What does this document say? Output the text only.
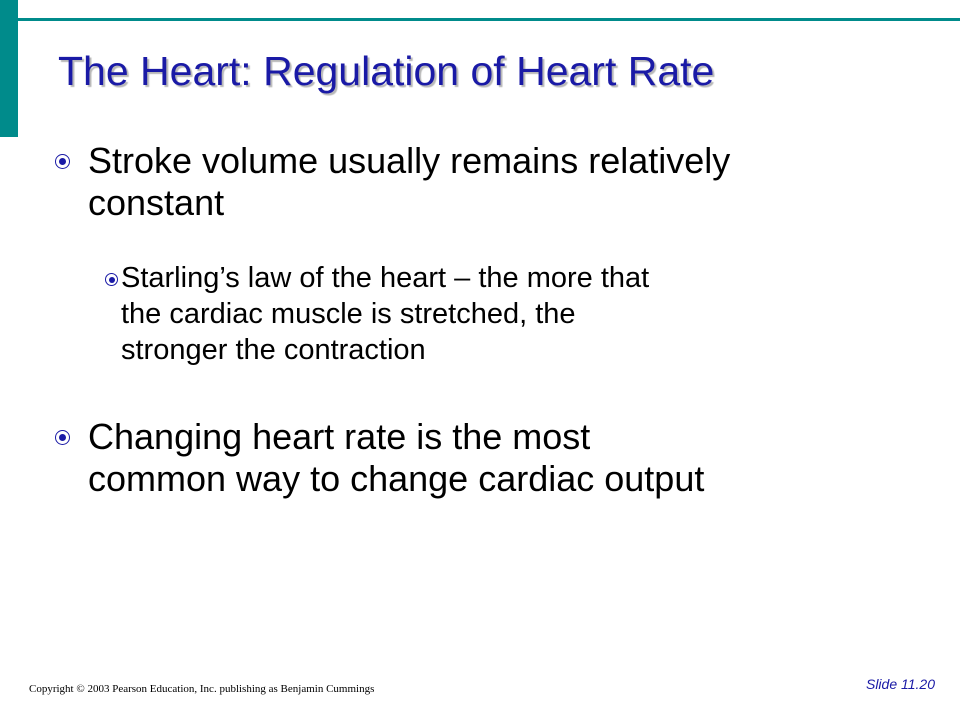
The Heart: Regulation of Heart Rate
Stroke volume usually remains relatively
constant
Starling’s law of the heart – the more that
the cardiac muscle is stretched, the
stronger the contraction
Changing heart rate is the most
common way to change cardiac output
Copyright © 2003 Pearson Education, Inc. publishing as Benjamin Cummings	Slide 11.20
